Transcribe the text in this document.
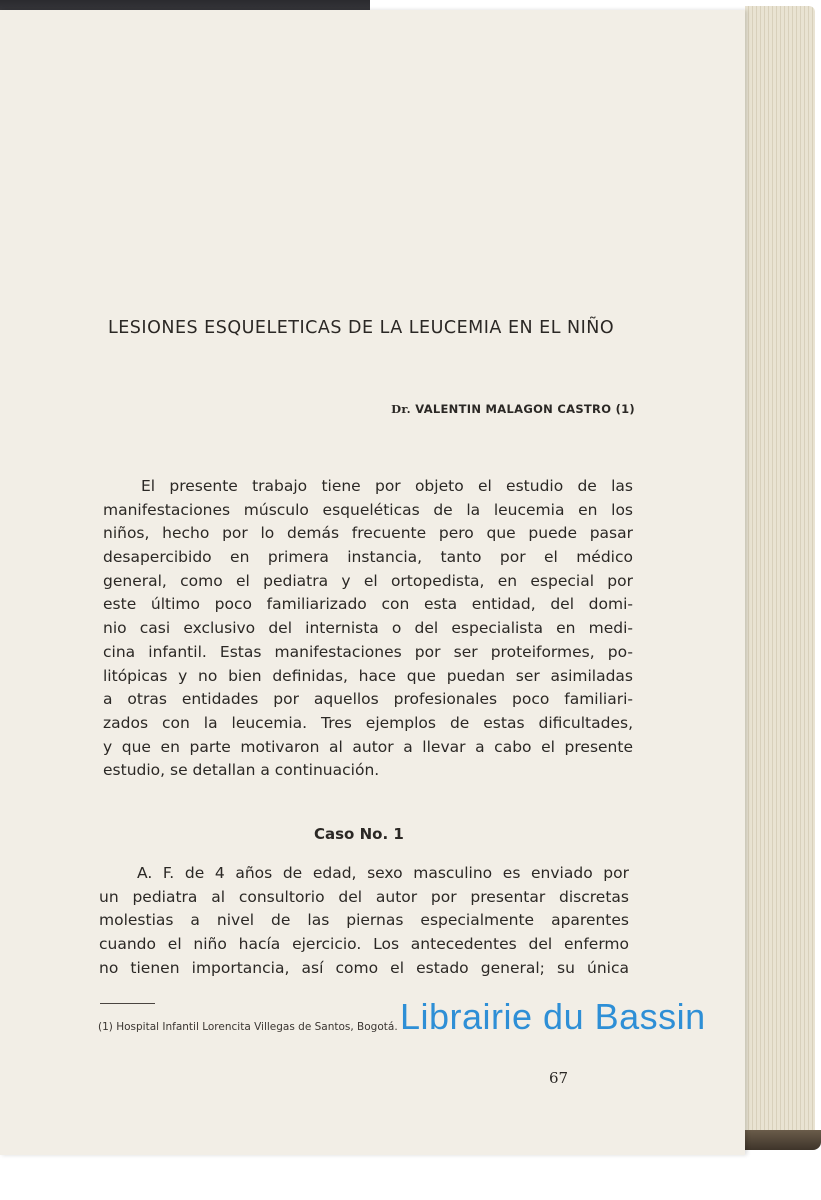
LESIONES ESQUELETICAS DE LA LEUCEMIA EN EL NIÑO
Dr. VALENTIN MALAGON CASTRO (1)

El presente trabajo tiene por objeto el estudio de las
manifestaciones músculo esqueléticas de la leucemia en los
niños, hecho por lo demás frecuente pero que puede pasar
desapercibido en primera instancia, tanto por el médico
general, como el pediatra y el ortopedista, en especial por
este último poco familiarizado con esta entidad, del domi-
nio casi exclusivo del internista o del especialista en medi-
cina infantil. Estas manifestaciones por ser proteiformes, po-
litópicas y no bien definidas, hace que puedan ser asimiladas
a otras entidades por aquellos profesionales poco familiari-
zados con la leucemia. Tres ejemplos de estas dificultades,
y que en parte motivaron al autor a llevar a cabo el presente
estudio, se detallan a continuación.

Caso No. 1

A. F. de 4 años de edad, sexo masculino es enviado por
un pediatra al consultorio del autor por presentar discretas
molestias a nivel de las piernas especialmente aparentes
cuando el niño hacía ejercicio. Los antecedentes del enfermo
no tienen importancia, así como el estado general; su única

(1) Hospital Infantil Lorencita Villegas de Santos, Bogotá.
67
Librairie du Bassin
